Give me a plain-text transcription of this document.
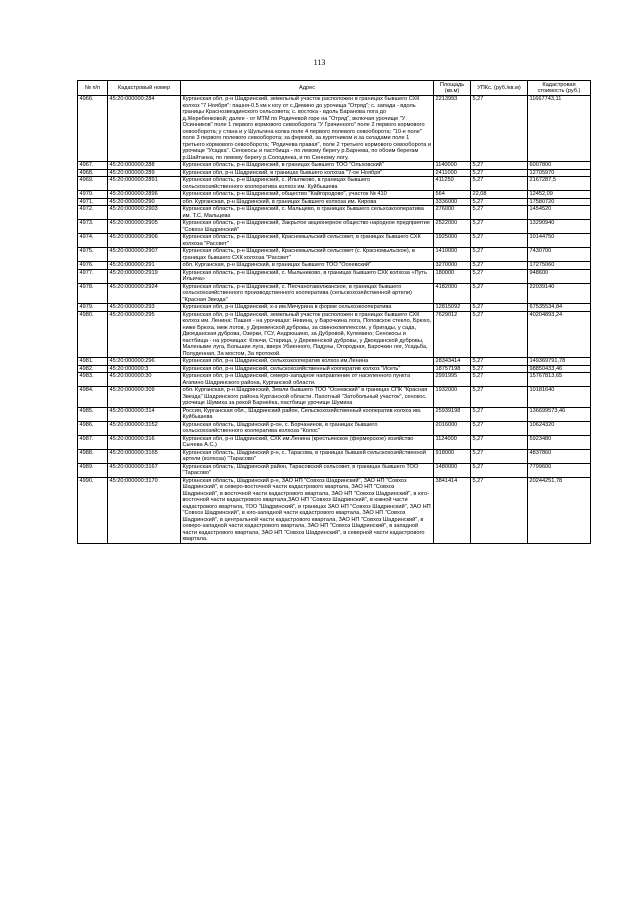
113
№ п/п	Кадастровый номер	Адрес	Площадь (кв.м)	УПКс. (руб./кв.м)	Кадастровая стоимость (руб.)
4966.	45:20:000000:284	Курганская обл, р-н Шадринский, земельный участок расположен в границах бывшего СХК колхоз "7 Ноября": пашня-0.5 км к югу от с.Демино до урочища "Отряд"; с. запада - вдоль границы Краснозвездинского сельсовета; с. востока - вдоль Баранова лога до д.Жеребенковой; далее - от МТМ по Родичевой горе на "Отряд", включая урочище "У Осинников" поле 1 первого кормового севооборота "У Грачинного" поле 2 первого кормового севооборота; у стана и у Шульгина колка поле 4 первого полевого севооборота; "10-е поле" поле 3 первого полевого севооборота; за фермой, за курятником и за складами поле 1 третьего кормового севооборота; "Родичева правая", поле 2 третьего кормового севооборота и урочище "Усадка". Сенокосы и пастбища - по левому берегу р.Барнева, по обоим берегам р.Шайтанка, по левому берегу р.Солодянка, и по Сенному логу.	2213993	5,27	11667743,11
4967.	45:20:000000:288	Курганская область, р-н Шадринский, в границах бывшего ТОО "Ольховский"	1140000	5,27	6007800
4968.	45:20:000000:289	Курганская обл, р-н Шадринский, в границах бывшего колхоза "7-ое Ноября"	2411000	5,27	12705970
4969.	45:20:000000:2891	Курганская область, р-н Шадринский, с. Ильтяково, в границах бывшего сельскохозяйственного кооператива колхоз им. Куйбышева	411250	5,27	2167287,5
4970.	45:20:000000:2896	Курганская область, р-н Шадринский, общество "Кайгородово", участок № 410	564	22,08	12452,09
4971.	45:20:000000:290	обл. Курганская, р-н Шадринский, в границах бывшего колхоза им. Кирова	3336000	5,27	17580720
4972.	45:20:000000:2903	Курганская область, р-н Шадринский, с. Мальцево, в границах бывшего сельхозкооператива им. Т.С. Мальцева	276000	5,27	1454520
4973.	45:20:000000:2905	Курганская область, р-н Шадринский, Закрытое акционерное общество народное предприятие "Совхоз Шадринский"	2522000	5,27	13290940
4974.	45:20:000000:2906	Курганская область, р-н Шадринский, Красномыльский сельсовет, в границах бывшего СХК колхоза "Рассвет"	1925000	5,27	10144750
4975.	45:20:000000:2907	Курганская область, р-н Шадринский, Красномыльский сельсовет (с. Красномыльское), в границах бывшего СХК колхоза "Рассвет"	1410000	5,27	7430700
4976.	45:20:000000:291	обл. Курганская, р-н Шадринский, в границах бывшего ТОО "Осеевский"	3270000	5,27	17275060
4977.	45:20:000000:2919	Курганская область, р-н Шадринский, с. Мыльниково, в границах бывшего СХК колхоза «Путь Ильича»	180000	5,27	948600
4978.	45:20:000000:2924	Курганская область, р-н Шадринский, с. Песчанотаволжанское, в границах бывшего сельскохозяйственного производственного кооператива (сельскохозяйственной артели) "Красная Звезда"	4182000	5,27	22039140
4979.	45:20:000000:293	Курганская обл, р-н Шадринский, к-з им.Мичурина в форме сельхозкооператива	12815092	5,27	67535534,84
4980.	45:20:000000:295	Курганская обл, р-н Шадринский, земельный участок расположен в границах бывшего СХК колхоз им. Ленина: Пашня - на урочищах: Невина, у Барочкина лога, Поповское стекло, Брюхо, ниже Брюха, меж логов, у Деревенской дубровы, за свинокомплексом, у бригады, у сада, Двоеданская дуброва, Озерки, ГСУ, Андрюшино, за Дубровой, Кулемино; Сенокосы и пастбища - на урочищах: Ключи, Старица, у Деревенской дубровы, у Двоеданской дубровы, Маленькие луга, Большие луга, вверх Убиенного, Падуны, Огородная, Барочкин лог, Усадьба, Полуденная, За мостом, За протокой.	7629012	5,27	40204893,24
4981.	45:20:000000:296	Курганская обл, р-н Шадринский, сельхозкооператив колхоз им.Ленина	28343414	5,27	149369791,78
4982.	45:20:000000:3	Курганская обл, р-н Шадринский, сельскохозяйственный кооператив колхоз "Исеть"	18757198	5,27	98850433,46
4983.	45:20:000000:30	Курганская обл, р-н Шадринский, северо-западное направление от населенного пункта Агапино Шадринского района, Курганской области.	2991995	5,27	15767813,65
4984.	45:20:000000:309	обл. Курганская, р-н Шадринский, Земли бывшего ТОО "Осеевский" в границах СПК "Красная Звезда" Шадринского района Курганской области. Пахотный "Затобольный участок", сенокос. урочище Шумиха за рекой Барнеёка, пастбище урочище Шумиха	1932000	5,27	10181640
4985.	45:20:000000:314	Россия, Курганская обл., Шадринский район, Сельскохозяйственный кооператив колхоз им. Куйбышева	25939198	5,27	136699573,46
4986.	45:20:000000:3152	Курганская область, Шадринский р-он, с. Борчанинов, в границах бывшего сельскохозяйственного кооператива колхоза "Колос"	2016000	5,27	10624320
4987.	45:20:000000:316	Курганская обл, р-н Шадринский, СХК им.Ленина (крестьянское (фермерское) хозяйство Сычева А.С.)	1124000	5,27	5923480
4988.	45:20:000000:3165	Курганская область, Шадринский р-н, с. Тарасова, в границах бывшей сельскохозяйственной артели (колхоза) "Тарасово"	918000	5,27	4837860
4989.	45:20:000000:3167	Курганская область, Шадринский район, Тарасовский сельсовет, в границах бывшего ТОО "Тарасово"	1480000	5,27	7799600
4990.	45:20:000000:3170	Курганская область, Шадринский р-н, ЗАО НП "Совхоз Шадринский", ЗАО НП "Совхоз Шадринский", в северо-восточной части кадастрового квартала, ЗАО НП "Совхоз Шадринский", в восточной части кадастрового квартала, ЗАО НП "Совхоз Шадринский", в юго-восточной части кадастрового квартала,ЗАО НП "Совхоз Шадринский", в южной части кадастрового квартала, ТОО "Шадринский", в границах ЗАО НП "Совхоз Шадринский", ЗАО НП "Совхоз Шадринский", в юго-западной части кадастрового квартала, ЗАО НП "Совхоз Шадринский", в центральной части кадастрового квартала, ЗАО НП "Совхоз Шадринский", в северо-западной части кадастрового квартала, ЗАО НП "Совхоз Шадринский", в западной части кадастрового квартала, ЗАО НП "Совхоз Шадринский", в северной части кадастрового квартала.	3841414	5,27	20244251,78
